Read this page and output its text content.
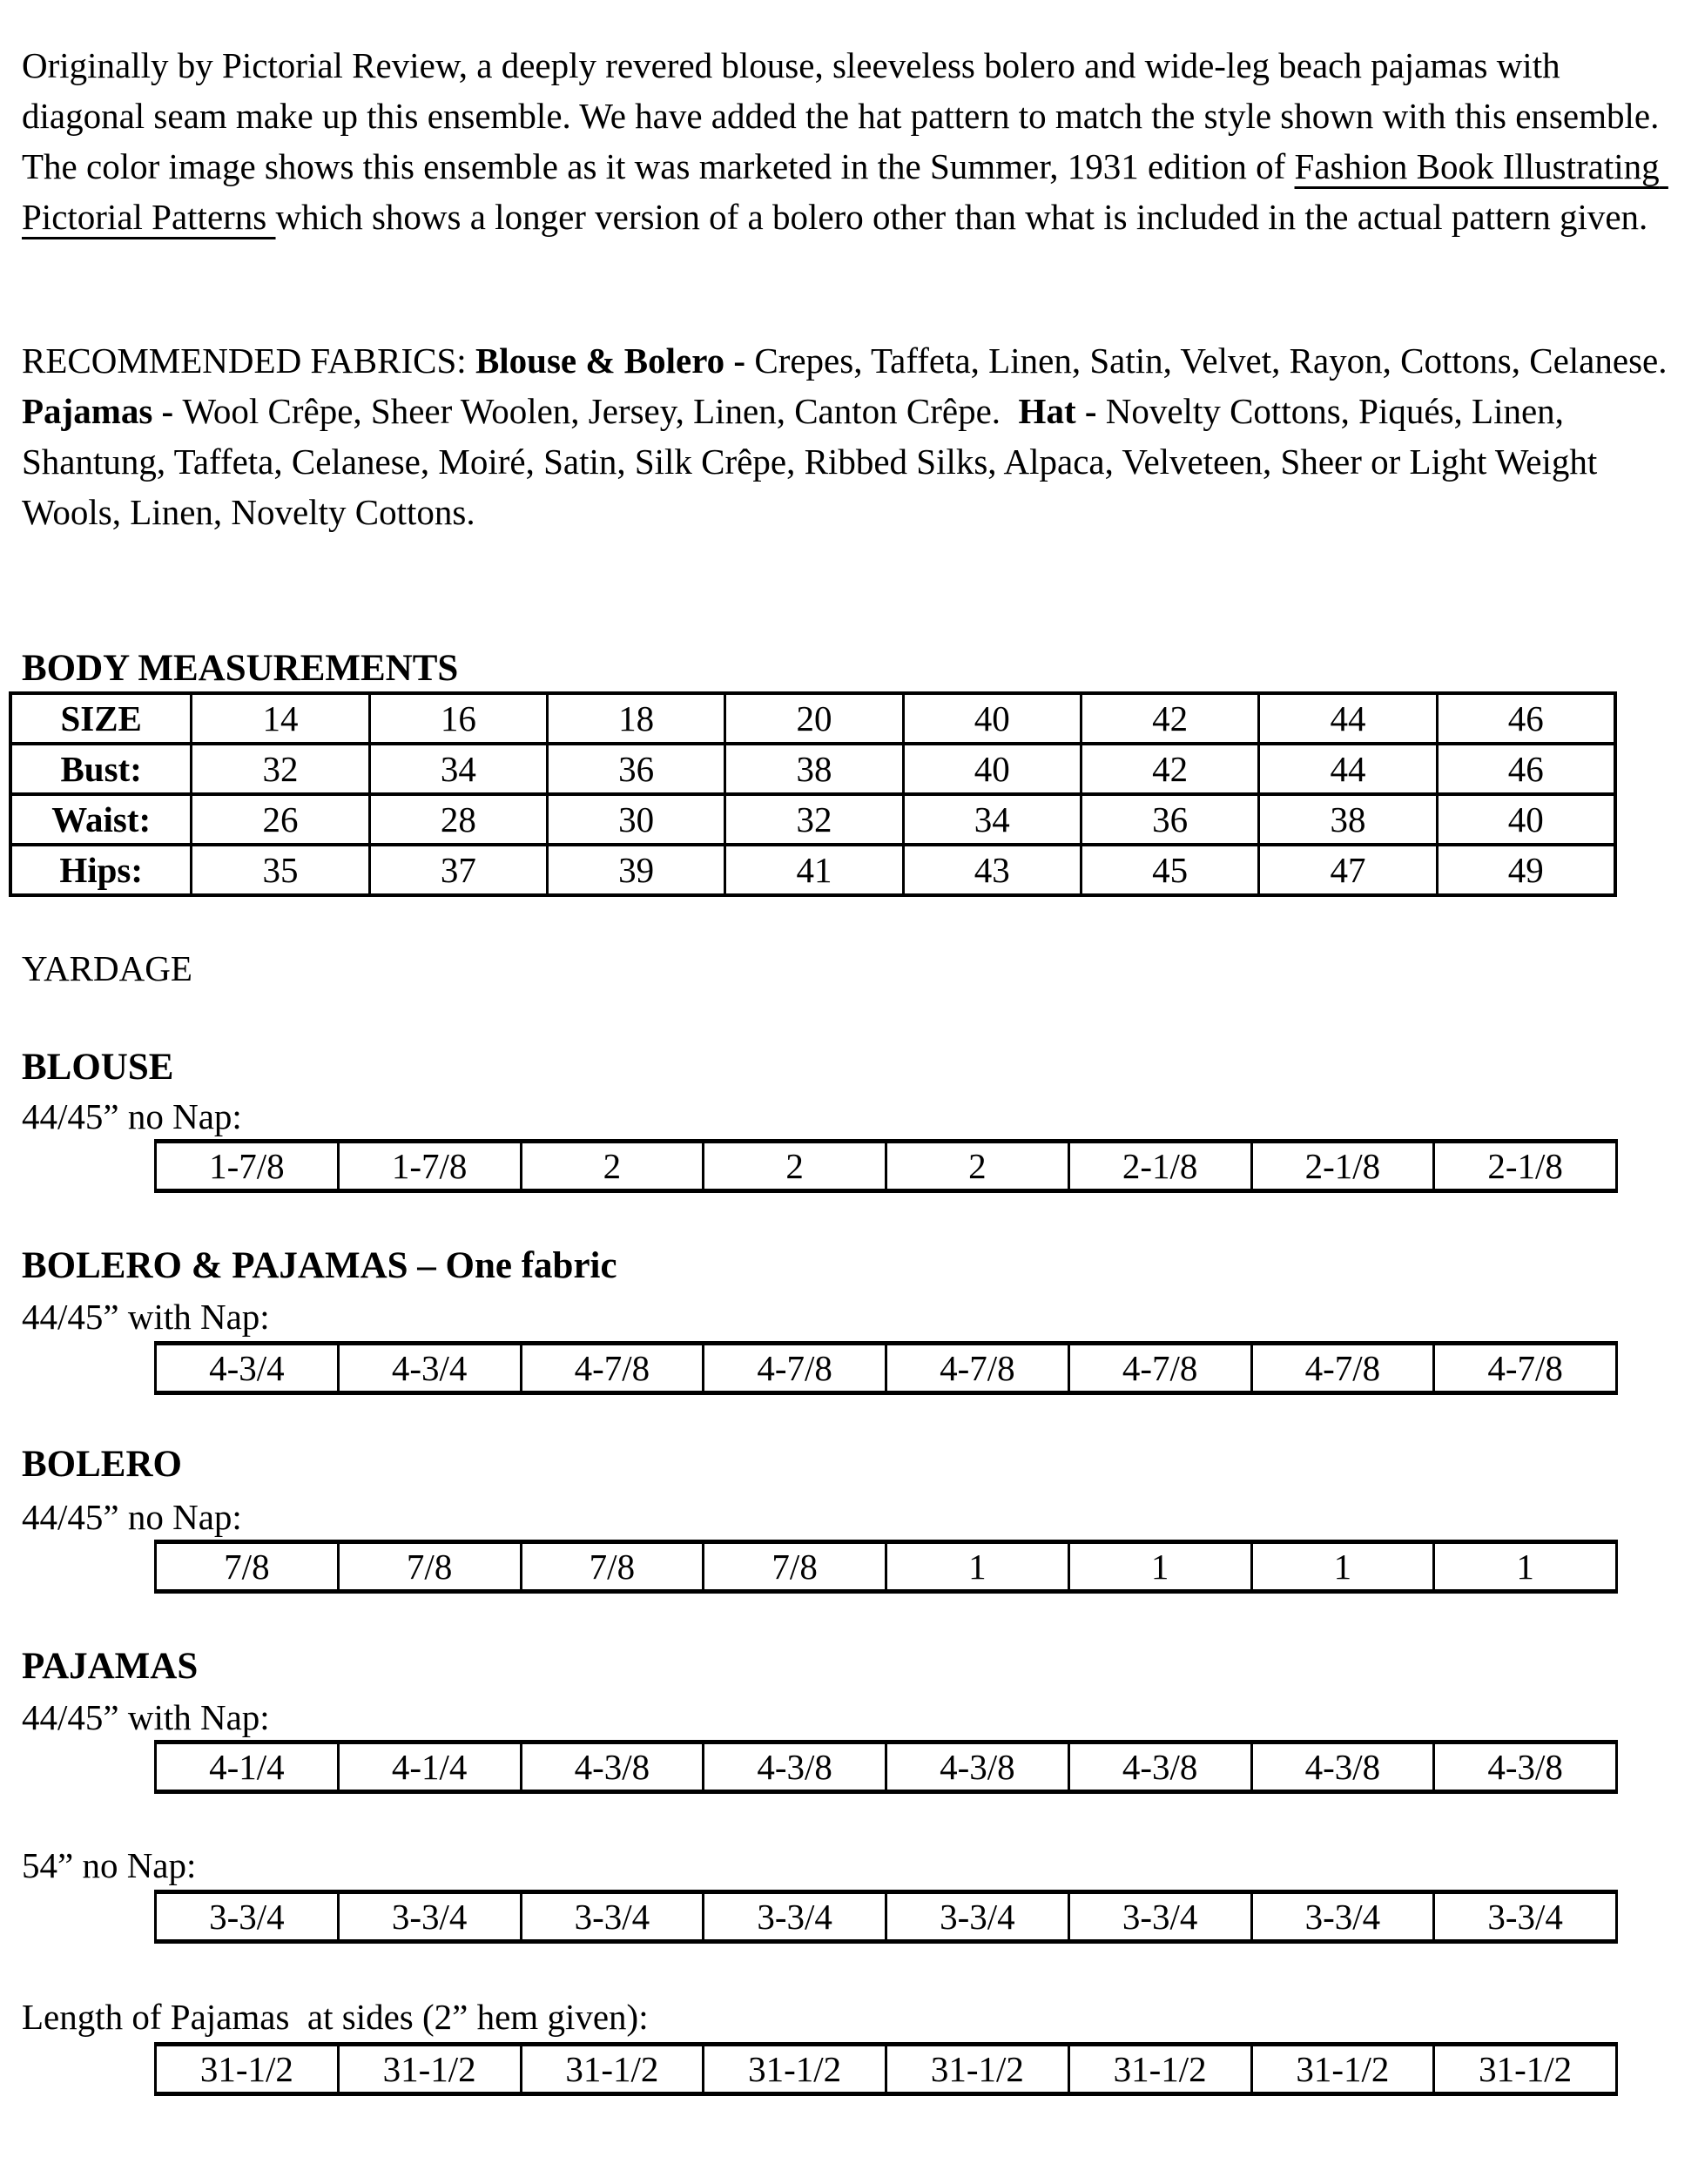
Originally by Pictorial Review, a deeply revered blouse, sleeveless bolero and wide-leg beach pajamas with diagonal seam make up this ensemble. We have added the hat pattern to match the style shown with this ensemble. The color image shows this ensemble as it was marketed in the Summer, 1931 edition of Fashion Book Illustrating Pictorial Patterns which shows a longer version of a bolero other than what is included in the actual pattern given.

RECOMMENDED FABRICS: Blouse & Bolero - Crepes, Taffeta, Linen, Satin, Velvet, Rayon, Cottons, Celanese. Pajamas - Wool Crêpe, Sheer Woolen, Jersey, Linen, Canton Crêpe.  Hat - Novelty Cottons, Piqués, Linen, Shantung, Taffeta, Celanese, Moiré, Satin, Silk Crêpe, Ribbed Silks, Alpaca, Velveteen, Sheer or Light Weight Wools, Linen, Novelty Cottons.

BODY MEASUREMENTS
SIZE	14	16	18	20	40	42	44	46
Bust:	32	34	36	38	40	42	44	46
Waist:	26	28	30	32	34	36	38	40
Hips:	35	37	39	41	43	45	47	49
YARDAGE
BLOUSE
44/45” no Nap:
1-7/8	1-7/8	2	2	2	2-1/8	2-1/8	2-1/8
BOLERO & PAJAMAS – One fabric
44/45” with Nap:
4-3/4	4-3/4	4-7/8	4-7/8	4-7/8	4-7/8	4-7/8	4-7/8
BOLERO
44/45” no Nap:
7/8	7/8	7/8	7/8	1	1	1	1
PAJAMAS
44/45” with Nap:
4-1/4	4-1/4	4-3/8	4-3/8	4-3/8	4-3/8	4-3/8	4-3/8
54” no Nap:
3-3/4	3-3/4	3-3/4	3-3/4	3-3/4	3-3/4	3-3/4	3-3/4
Length of Pajamas  at sides (2” hem given):
31-1/2	31-1/2	31-1/2	31-1/2	31-1/2	31-1/2	31-1/2	31-1/2
